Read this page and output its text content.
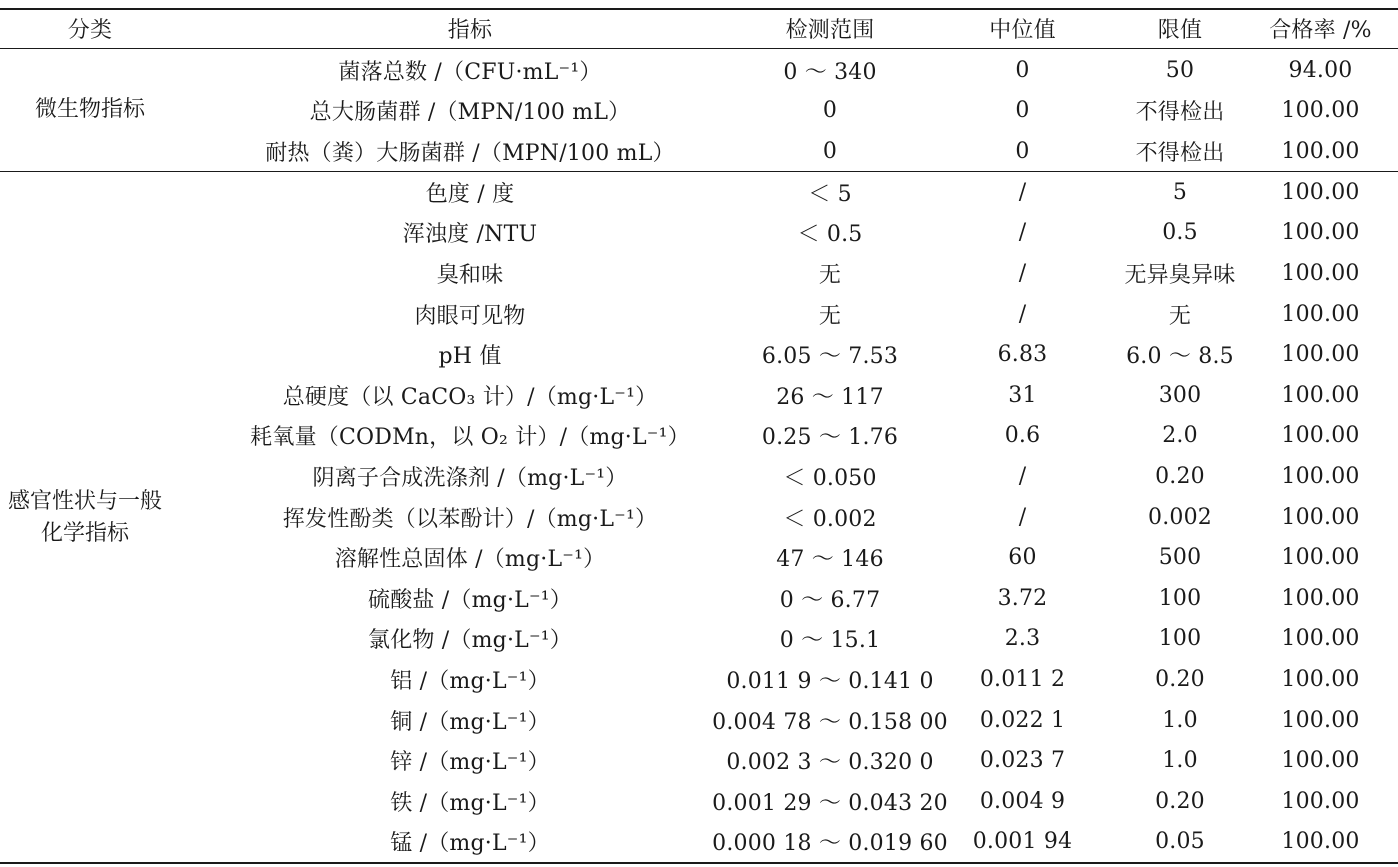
分类	指标	检测范围	中位值	限值	合格率 /%
微生物指标
菌落总数 /（CFU·mL⁻¹）	0 ～ 340	0	50	94.00
总大肠菌群 /（MPN/100 mL）	0	0	不得检出	100.00
耐热（粪）大肠菌群 /（MPN/100 mL）	0	0	不得检出	100.00
感官性状与一般化学指标
色度 / 度	＜ 5	/	5	100.00
浑浊度 /NTU	＜ 0.5	/	0.5	100.00
臭和味	无	/	无异臭异味	100.00
肉眼可见物	无	/	无	100.00
pH 值	6.05 ～ 7.53	6.83	6.0 ～ 8.5	100.00
总硬度（以 CaCO₃ 计）/（mg·L⁻¹）	26 ～ 117	31	300	100.00
耗氧量（CODMn，以 O₂ 计）/（mg·L⁻¹）	0.25 ～ 1.76	0.6	2.0	100.00
阴离子合成洗涤剂 /（mg·L⁻¹）	＜ 0.050	/	0.20	100.00
挥发性酚类（以苯酚计）/（mg·L⁻¹）	＜ 0.002	/	0.002	100.00
溶解性总固体 /（mg·L⁻¹）	47 ～ 146	60	500	100.00
硫酸盐 /（mg·L⁻¹）	0 ～ 6.77	3.72	100	100.00
氯化物 /（mg·L⁻¹）	0 ～ 15.1	2.3	100	100.00
铝 /（mg·L⁻¹）	0.011 9 ～ 0.141 0	0.011 2	0.20	100.00
铜 /（mg·L⁻¹）	0.004 78 ～ 0.158 00	0.022 1	1.0	100.00
锌 /（mg·L⁻¹）	0.002 3 ～ 0.320 0	0.023 7	1.0	100.00
铁 /（mg·L⁻¹）	0.001 29 ～ 0.043 20	0.004 9	0.20	100.00
锰 /（mg·L⁻¹）	0.000 18 ～ 0.019 60	0.001 94	0.05	100.00
